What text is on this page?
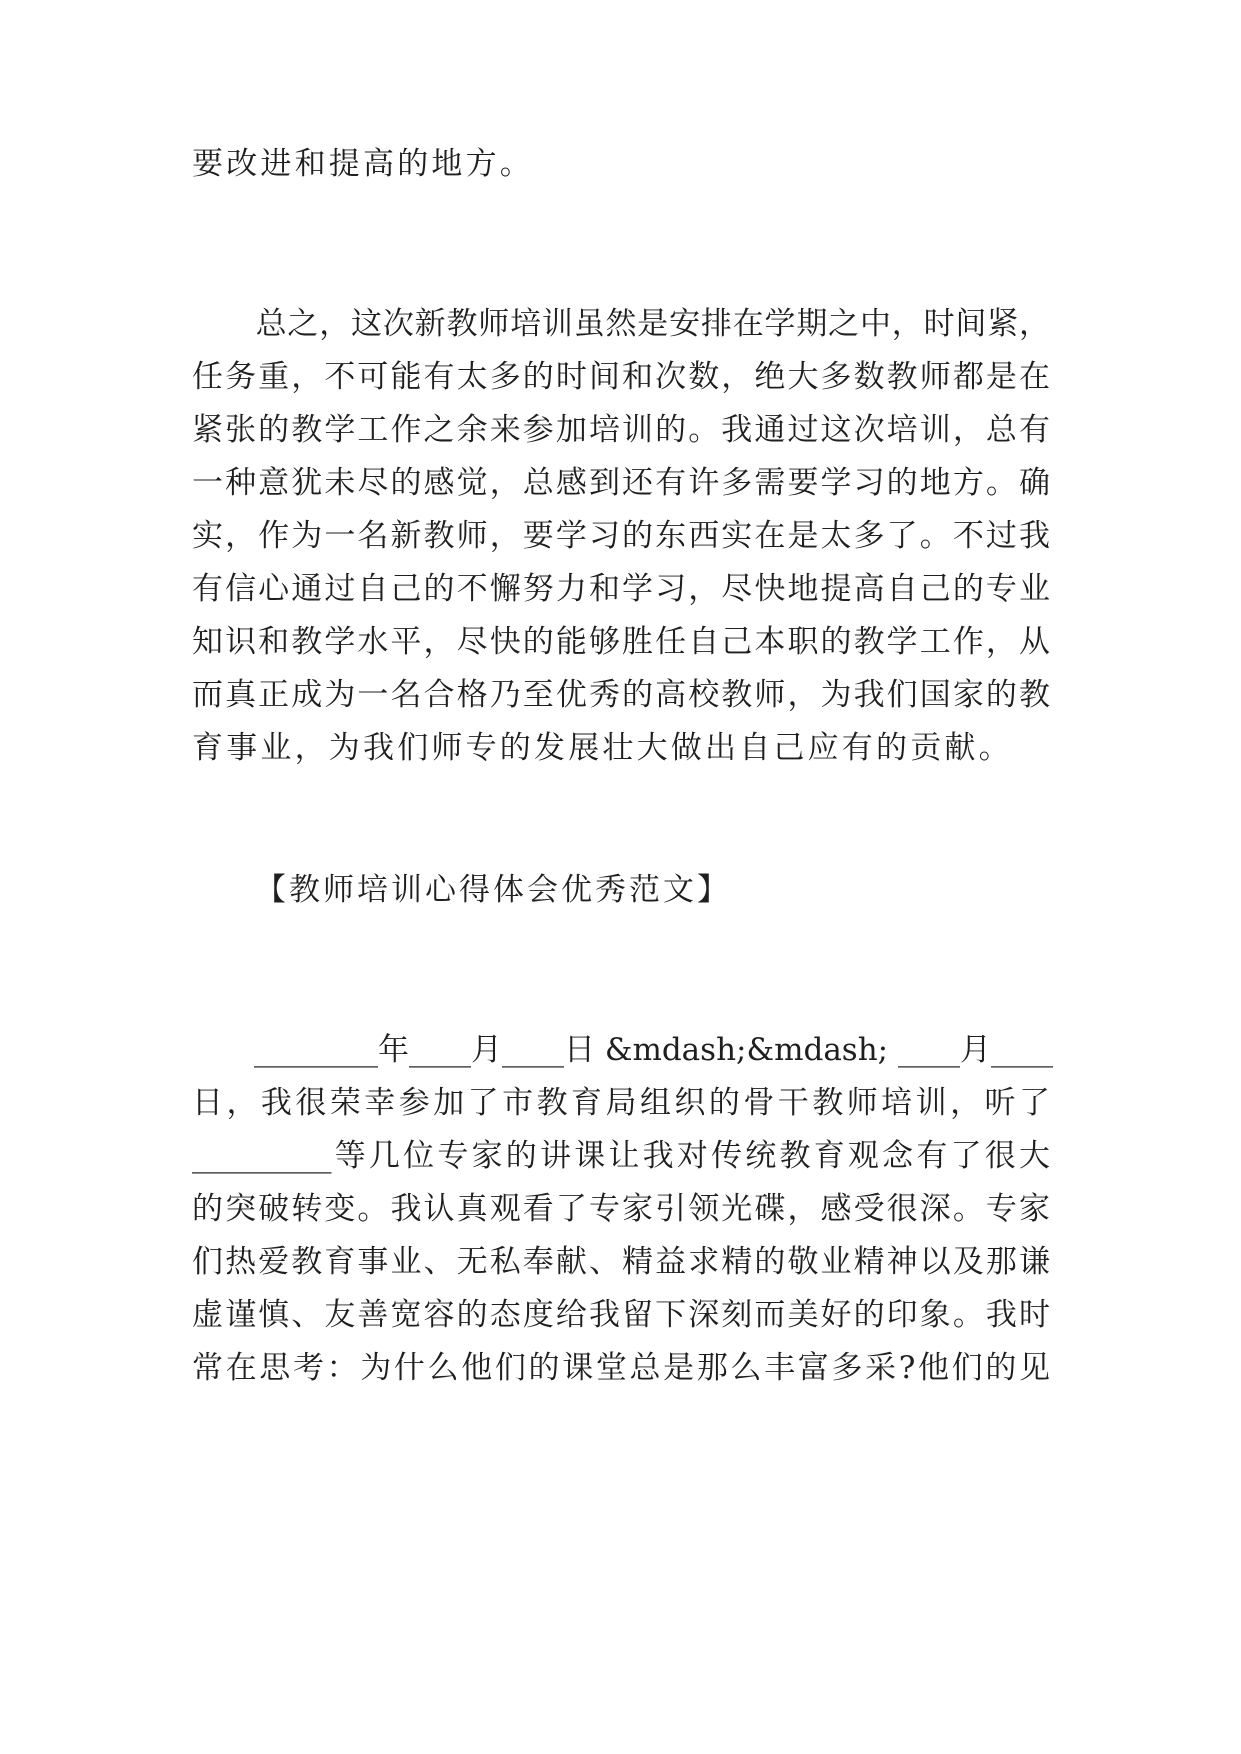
要改进和提高的地方。
　　总之，这次新教师培训虽然是安排在学期之中，时间紧，
任务重，不可能有太多的时间和次数，绝大多数教师都是在
紧张的教学工作之余来参加培训的。我通过这次培训，总有
一种意犹未尽的感觉，总感到还有许多需要学习的地方。确
实，作为一名新教师，要学习的东西实在是太多了。不过我
有信心通过自己的不懈努力和学习，尽快地提高自己的专业
知识和教学水平，尽快的能够胜任自己本职的教学工作，从
而真正成为一名合格乃至优秀的高校教师，为我们国家的教
育事业，为我们师专的发展壮大做出自己应有的贡献。
【教师培训心得体会优秀范文】
　　________年____月____日 &mdash;&mdash; ____月____
日，我很荣幸参加了市教育局组织的骨干教师培训，听了
_________等几位专家的讲课让我对传统教育观念有了很大
的突破转变。我认真观看了专家引领光碟，感受很深。专家
们热爱教育事业、无私奉献、精益求精的敬业精神以及那谦
虚谨慎、友善宽容的态度给我留下深刻而美好的印象。我时
常在思考：为什么他们的课堂总是那么丰富多采?他们的见
